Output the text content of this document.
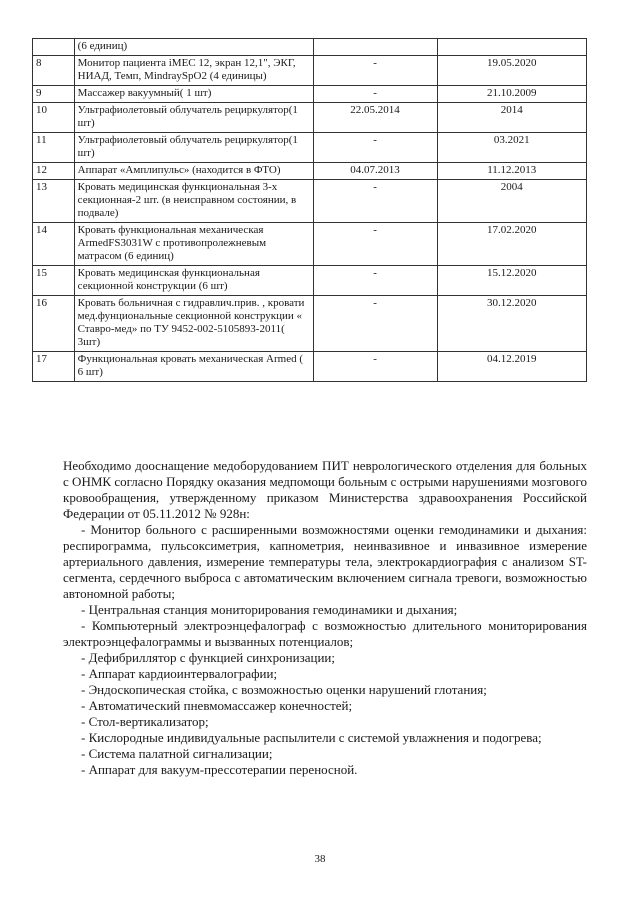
	(6 единиц)		
8	Монитор пациента iMEC 12, экран 12,1", ЭКГ, НИАД, Темп, MindraySpO2 (4 единицы)	-	19.05.2020
9	Массажер вакуумный( 1 шт)	-	21.10.2009
10	Ультрафиолетовый облучатель рециркулятор(1 шт)	22.05.2014	2014
11	Ультрафиолетовый облучатель рециркулятор(1 шт)	-	03.2021
12	Аппарат «Амплипульс» (находится в ФТО)	04.07.2013	11.12.2013
13	Кровать медицинская функциональная 3-х секционная-2 шт. (в неисправном состоянии, в подвале)	-	2004
14	Кровать функциональная механическая ArmedFS3031W с противопролежневым матрасом (6 единиц)	-	17.02.2020
15	Кровать медицинская функциональная секционной конструкции (6 шт)	-	15.12.2020
16	Кровать больничная с гидравлич.прив. , кровати мед.фунциональные секционной конструкции « Ставро-мед» по ТУ 9452-002-5105893-2011( 3шт)	-	30.12.2020
17	Функциональная кровать механическая Armed ( 6 шт)	-	04.12.2019

Необходимо дооснащение медоборудованием ПИТ неврологического отделения для больных с ОНМК согласно Порядку оказания медпомощи больным с острыми нарушениями мозгового кровообращения, утвержденному приказом Министерства здравоохранения Российской Федерации от 05.11.2012 № 928н:

- Монитор больного с расширенными возможностями оценки гемодинамики и дыхания: респирограмма, пульсоксиметрия, капнометрия, неинвазивное и инвазивное измерение артериального давления, измерение температуры тела, электрокардиография с анализом ST-сегмента, сердечного выброса с автоматическим включением сигнала тревоги, возможностью автономной работы;

- Центральная станция мониторирования гемодинамики и дыхания;

- Компьютерный электроэнцефалограф с возможностью длительного мониторирования электроэнцефалограммы и вызванных потенциалов;

- Дефибриллятор с функцией синхронизации;

- Аппарат кардиоинтервалографии;

- Эндоскопическая стойка, с возможностью оценки нарушений глотания;

- Автоматический пневмомассажер конечностей;

- Стол-вертикализатор;

- Кислородные индивидуальные распылители с системой увлажнения и подогрева;

- Система палатной сигнализации;

- Аппарат для вакуум-прессотерапии переносной.

38
